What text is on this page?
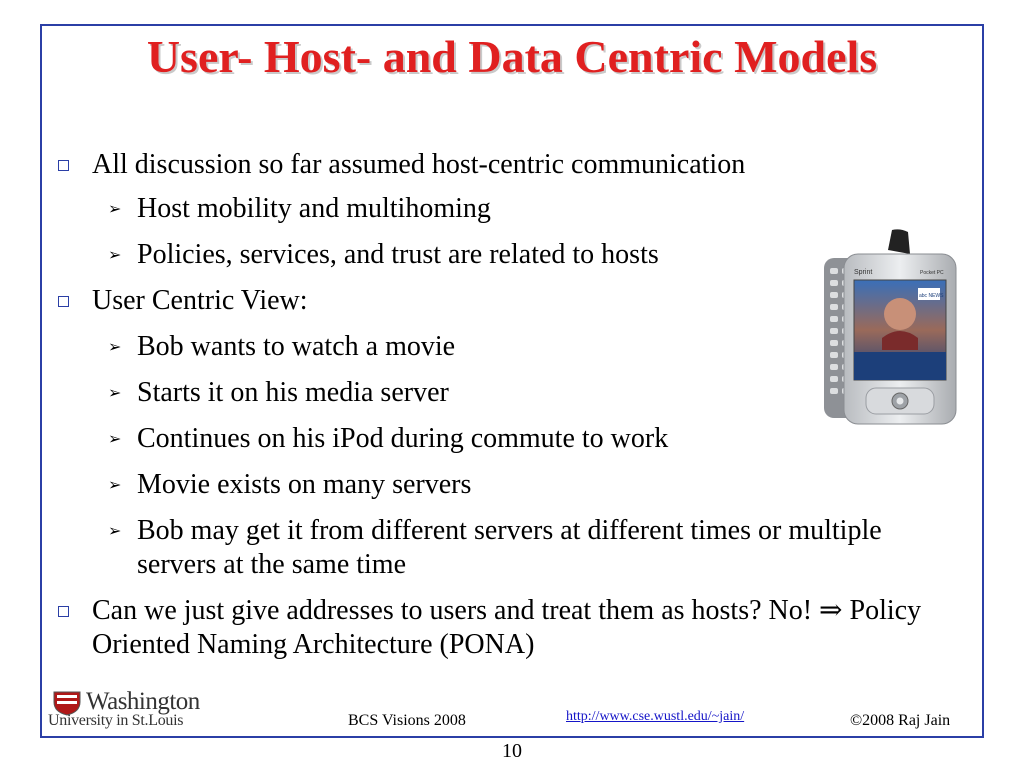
User- Host- and Data Centric Models
All discussion so far assumed host-centric communication
➢ Host mobility and multihoming
➢ Policies, services, and trust are related to hosts
User Centric View:
➢ Bob wants to watch a movie
➢ Starts it on his media server
➢ Continues on his iPod during commute to work
➢ Movie exists on many servers
➢ Bob may get it from different servers at different times or multiple servers at the same time
Can we just give addresses to users and treat them as hosts? No! ⇒ Policy Oriented Naming Architecture (PONA)
Sprint	Pocket PC
abc NEWS
Washington
University in St.Louis	BCS Visions 2008	http://www.cse.wustl.edu/~jain/	©2008 Raj Jain
10
